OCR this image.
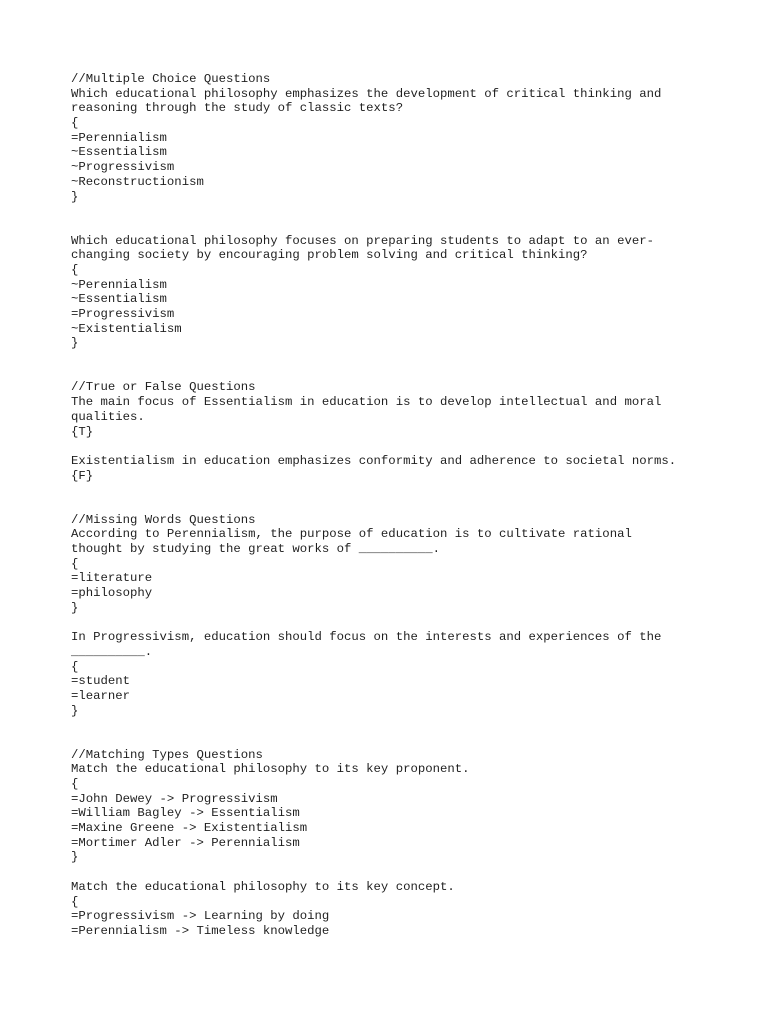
//Multiple Choice Questions
Which educational philosophy emphasizes the development of critical thinking and
reasoning through the study of classic texts?
{
=Perennialism
~Essentialism
~Progressivism
~Reconstructionism
}
Which educational philosophy focuses on preparing students to adapt to an ever-
changing society by encouraging problem solving and critical thinking?
{
~Perennialism
~Essentialism
=Progressivism
~Existentialism
}
//True or False Questions
The main focus of Essentialism in education is to develop intellectual and moral
qualities.
{T}
Existentialism in education emphasizes conformity and adherence to societal norms.
{F}
//Missing Words Questions
According to Perennialism, the purpose of education is to cultivate rational
thought by studying the great works of __________.
{
=literature
=philosophy
}
In Progressivism, education should focus on the interests and experiences of the
__________.
{
=student
=learner
}
//Matching Types Questions
Match the educational philosophy to its key proponent.
{
=John Dewey -> Progressivism
=William Bagley -> Essentialism
=Maxine Greene -> Existentialism
=Mortimer Adler -> Perennialism
}
Match the educational philosophy to its key concept.
{
=Progressivism -> Learning by doing
=Perennialism -> Timeless knowledge
